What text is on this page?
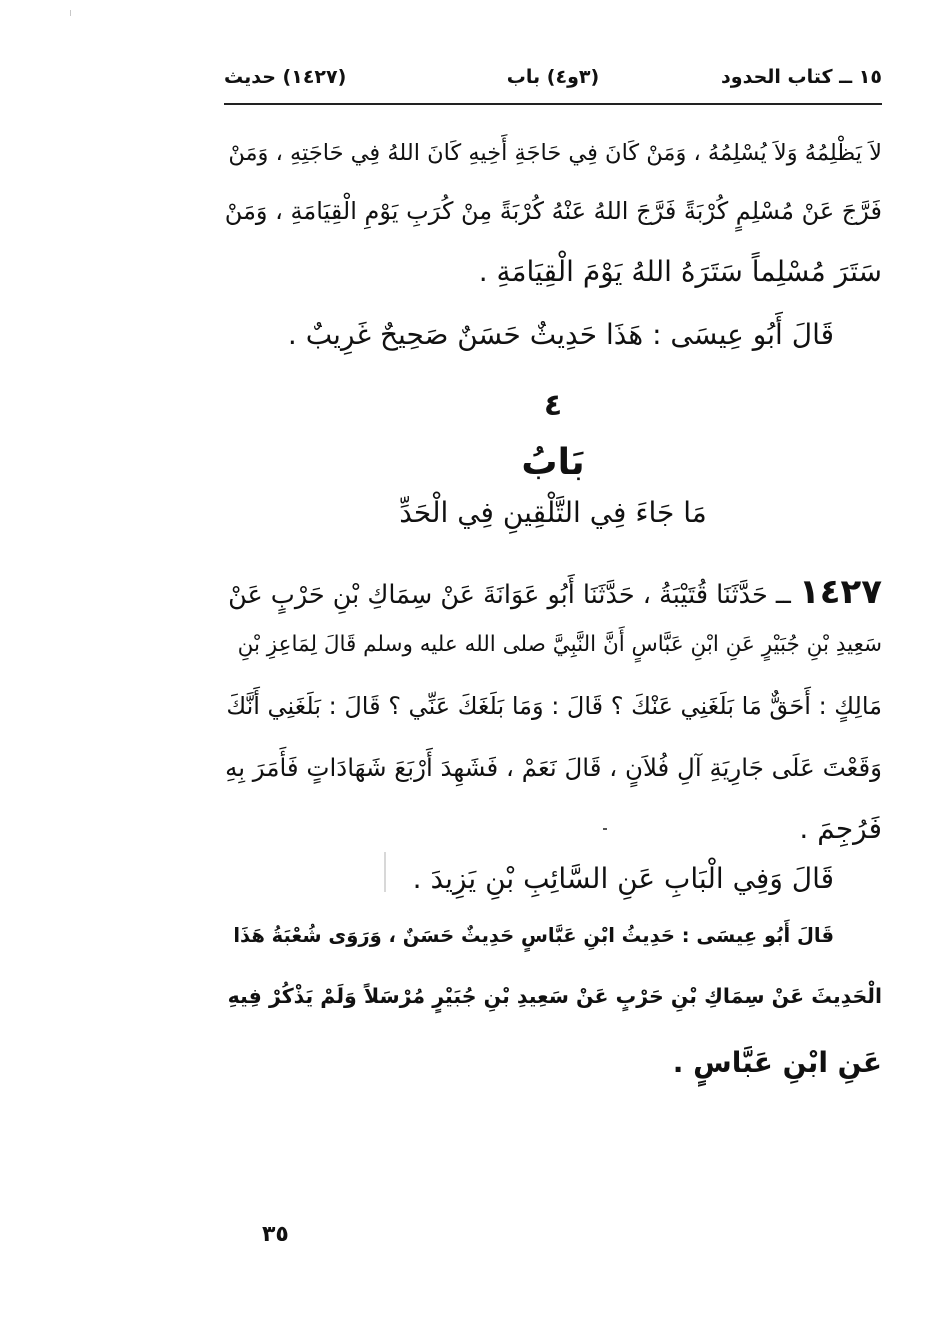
١٥ ــ كتاب الحدود
(٣و٤) باب
(١٤٢٧) حديث
لاَ يَظْلِمُهُ وَلاَ يُسْلِمُهُ ، وَمَنْ كَانَ فِي حَاجَةِ أَخِيهِ كَانَ اللهُ فِي حَاجَتِهِ ، وَمَنْ
فَرَّجَ عَنْ مُسْلِمٍ كُرْبَةً فَرَّجَ اللهُ عَنْهُ كُرْبَةً مِنْ كُرَبِ يَوْمِ الْقِيَامَةِ ، وَمَنْ
سَتَرَ مُسْلِماً سَتَرَهُ اللهُ يَوْمَ الْقِيَامَةِ .
قَالَ أَبُو عِيسَى : هَذَا حَدِيثٌ حَسَنٌ صَحِيحٌ غَرِيبٌ .
٤
بَابُ
مَا جَاءَ فِي التَّلْقِينِ فِي الْحَدِّ
١٤٢٧ ــ حَدَّثَنَا قُتَيْبَةُ ، حَدَّثَنَا أَبُو عَوَانَةَ عَنْ سِمَاكِ بْنِ حَرْبٍ عَنْ
سَعِيدِ بْنِ جُبَيْرٍ عَنِ ابْنِ عَبَّاسٍ أَنَّ النَّبِيَّ صلى الله عليه وسلم قَالَ لِمَاعِزِ بْنِ
مَالِكٍ : أَحَقٌّ مَا بَلَغَنِي عَنْكَ ؟ قَالَ : وَمَا بَلَغَكَ عَنِّي ؟ قَالَ : بَلَغَنِي أَنَّكَ
وَقَعْتَ عَلَى جَارِيَةِ آلِ فُلاَنٍ ، قَالَ نَعَمْ ، فَشَهِدَ أَرْبَعَ شَهَادَاتٍ فَأَمَرَ بِهِ
فَرُجِمَ .
قَالَ وَفِي الْبَابِ عَنِ السَّائِبِ بْنِ يَزِيدَ .
قَالَ أَبُو عِيسَى : حَدِيثُ ابْنِ عَبَّاسٍ حَدِيثٌ حَسَنٌ ، وَرَوَى شُعْبَةُ هَذَا
الْحَدِيثَ عَنْ سِمَاكِ بْنِ حَرْبٍ عَنْ سَعِيدِ بْنِ جُبَيْرٍ مُرْسَلاً وَلَمْ يَذْكُرْ فِيهِ
عَنِ ابْنِ عَبَّاسٍ .
٣٥
